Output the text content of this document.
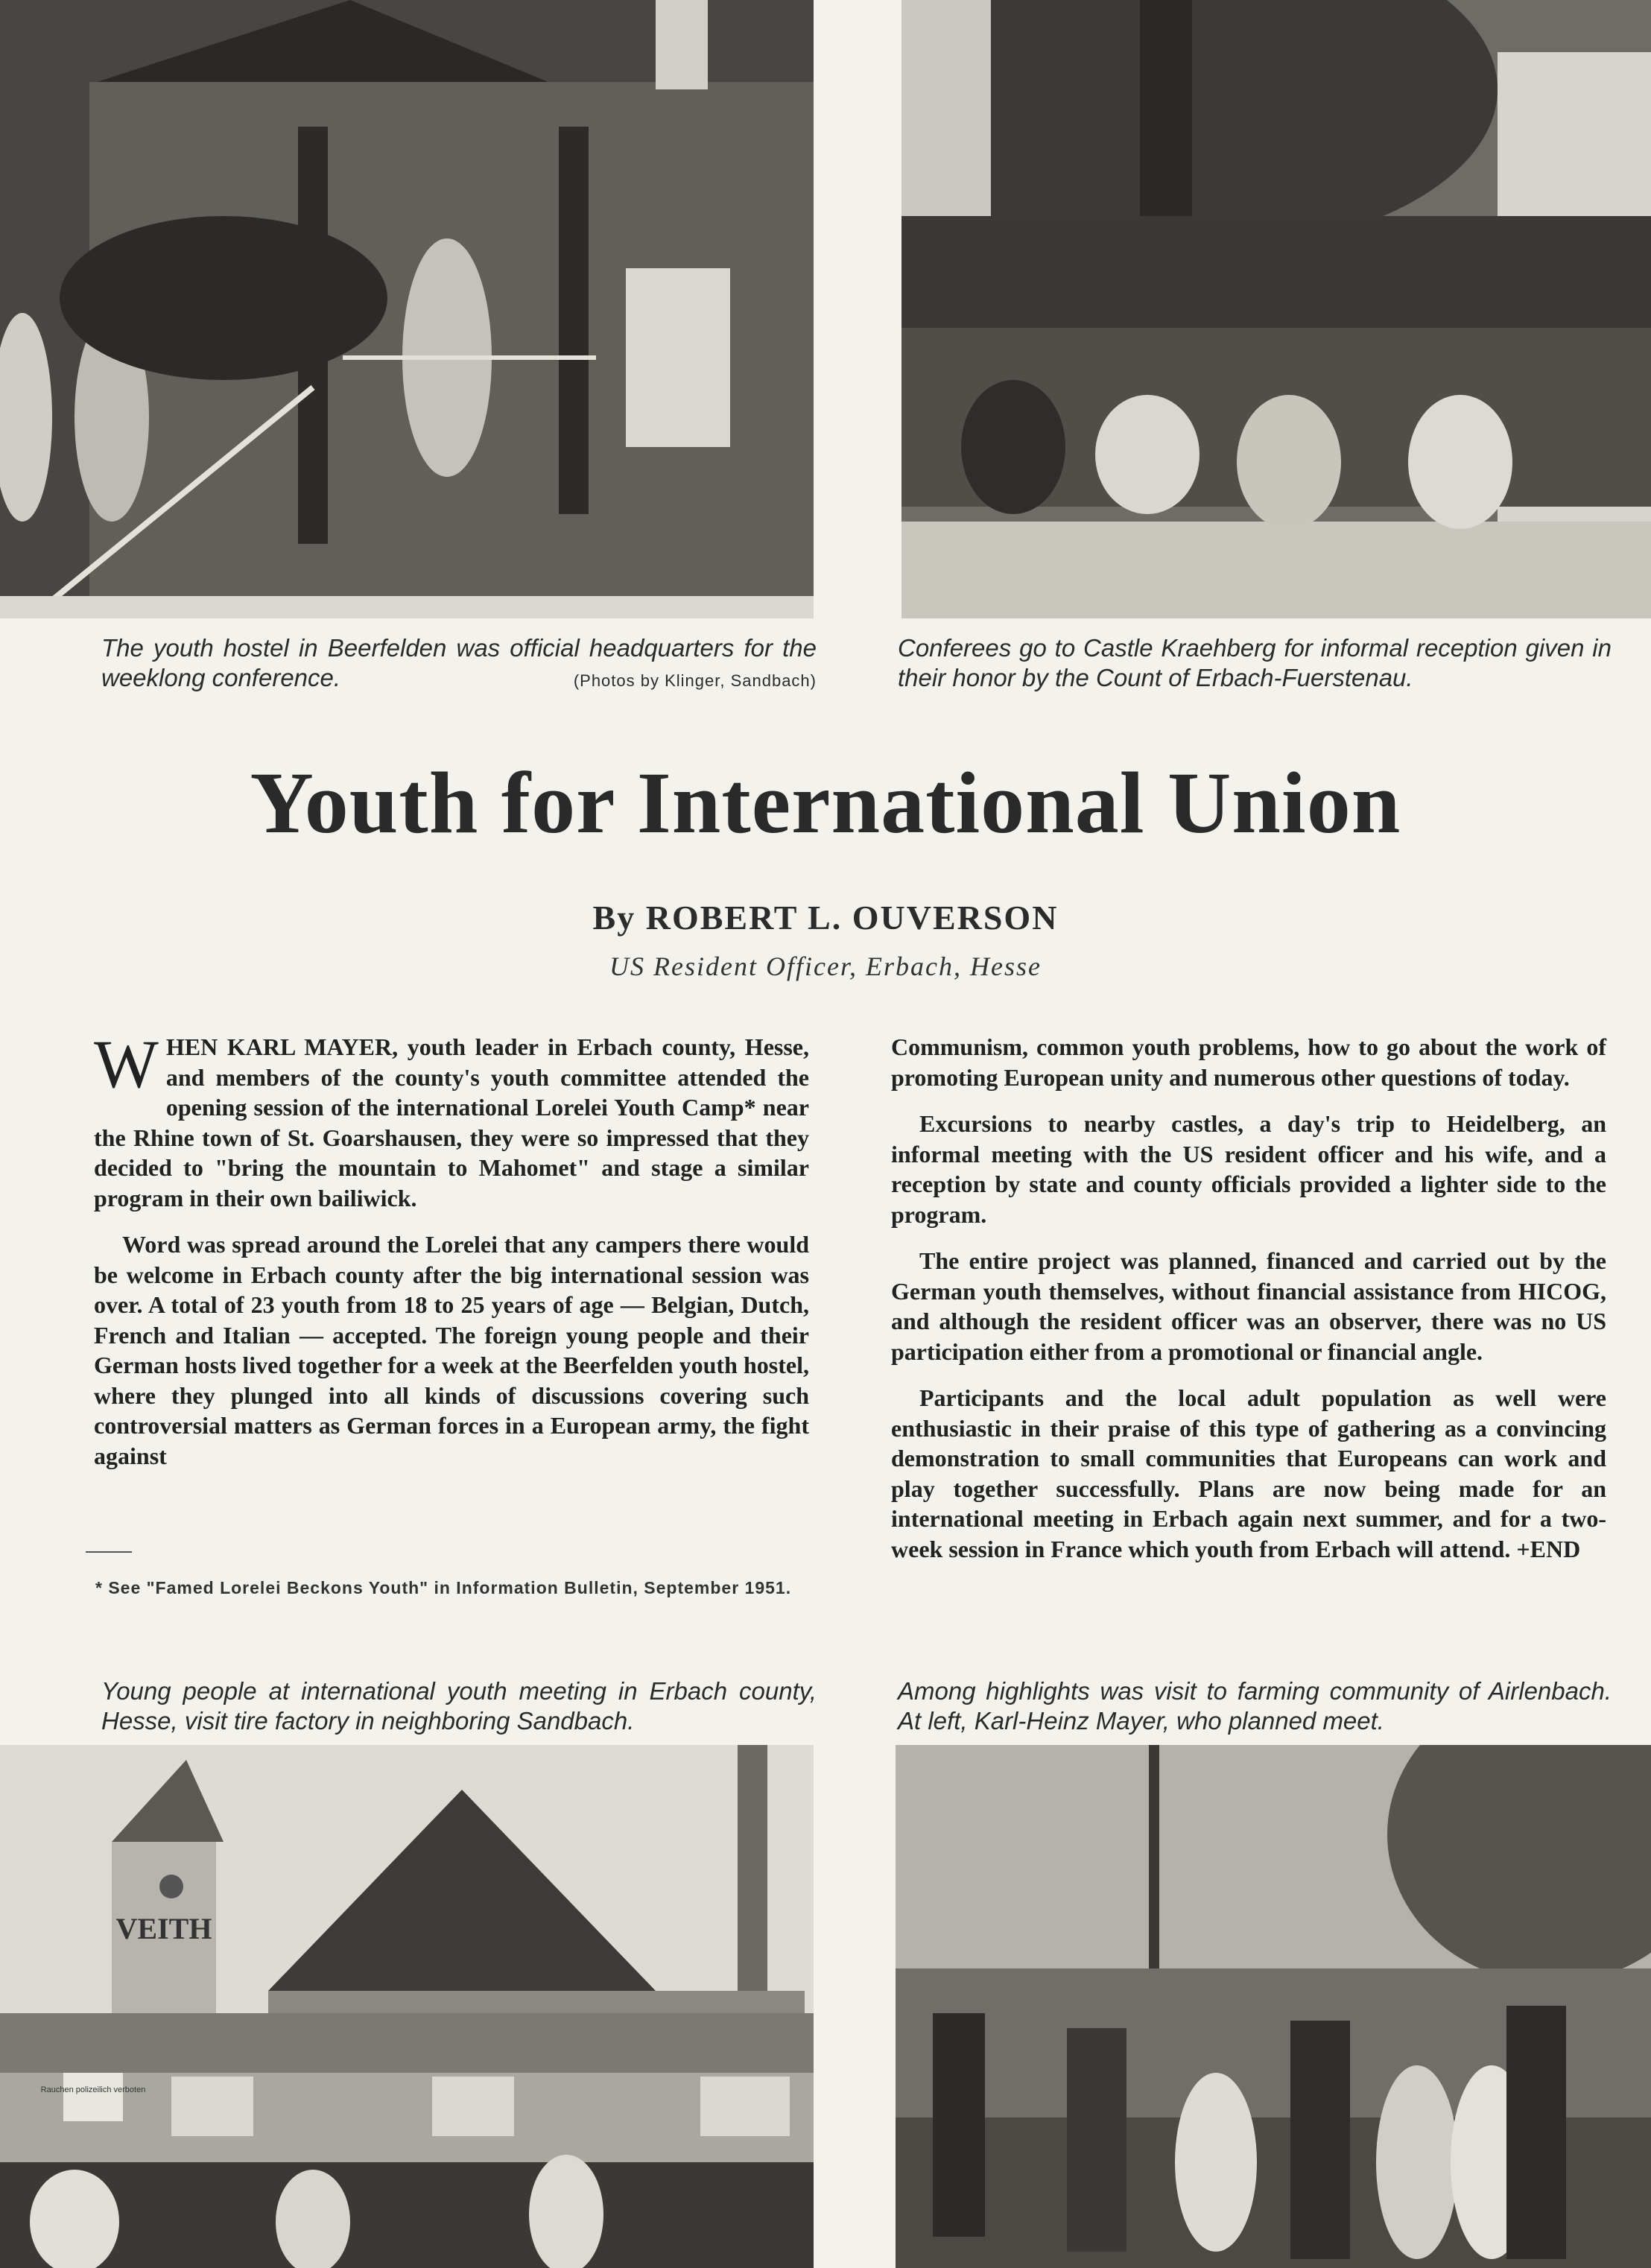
The youth hostel in Beerfelden was official headquarters for the weeklong conference.	(Photos by Klinger, Sandbach)
Conferees go to Castle Kraehberg for informal reception given in their honor by the Count of Erbach-Fuerstenau.
Youth for International Union
By ROBERT L. OUVERSON
US Resident Officer, Erbach, Hesse

WHEN KARL MAYER, youth leader in Erbach county, Hesse, and members of the county's youth committee attended the opening session of the international Lorelei Youth Camp* near the Rhine town of St. Goarshausen, they were so impressed that they decided to "bring the mountain to Mahomet" and stage a similar program in their own bailiwick.

Word was spread around the Lorelei that any campers there would be welcome in Erbach county after the big international session was over. A total of 23 youth from 18 to 25 years of age — Belgian, Dutch, French and Italian — accepted. The foreign young people and their German hosts lived together for a week at the Beerfelden youth hostel, where they plunged into all kinds of discussions covering such controversial matters as German forces in a European army, the fight against

* See "Famed Lorelei Beckons Youth" in Information Bulletin, September 1951.

Communism, common youth problems, how to go about the work of promoting European unity and numerous other questions of today.

Excursions to nearby castles, a day's trip to Heidelberg, an informal meeting with the US resident officer and his wife, and a reception by state and county officials provided a lighter side to the program.

The entire project was planned, financed and carried out by the German youth themselves, without financial assistance from HICOG, and although the resident officer was an observer, there was no US participation either from a promotional or financial angle.

Participants and the local adult population as well were enthusiastic in their praise of this type of gathering as a convincing demonstration to small communities that Europeans can work and play together successfully. Plans are now being made for an international meeting in Erbach again next summer, and for a two-week session in France which youth from Erbach will attend. +END

Young people at international youth meeting in Erbach county, Hesse, visit tire factory in neighboring Sandbach.
Among highlights was visit to farming community of Airlenbach. At left, Karl-Heinz Mayer, who planned meet.
VEITH
Rauchen polizeilich verboten
